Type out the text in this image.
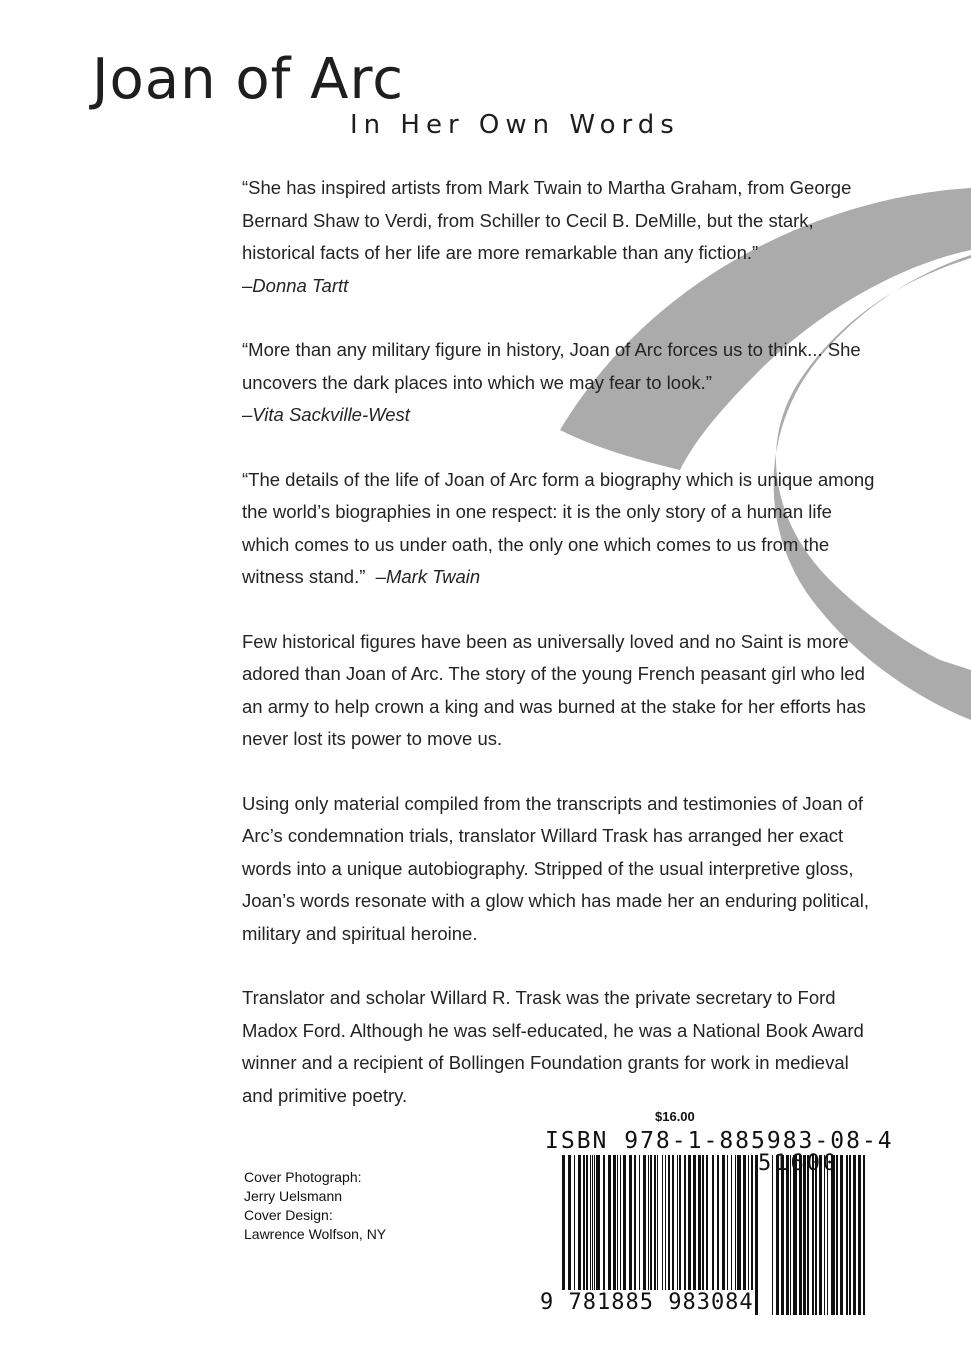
Joan of Arc
In Her Own Words
“She has inspired artists from Mark Twain to Martha Graham, from George Bernard Shaw to Verdi, from Schiller to Cecil B. DeMille, but the stark, historical facts of her life are more remarkable than any fiction.”
–Donna Tartt
“More than any military figure in history, Joan of Arc forces us to think... She uncovers the dark places into which we may fear to look.”
–Vita Sackville-West
“The details of the life of Joan of Arc form a biography which is unique among the world’s biographies in one respect: it is the only story of a human life which comes to us under oath, the only one which comes to us from the witness stand.” –Mark Twain

Few historical figures have been as universally loved and no Saint is more adored than Joan of Arc. The story of the young French peasant girl who led an army to help crown a king and was burned at the stake for her efforts has never lost its power to move us.

Using only material compiled from the transcripts and testimonies of Joan of Arc’s condemnation trials, translator Willard Trask has arranged her exact words into a unique autobiography. Stripped of the usual interpretive gloss, Joan’s words resonate with a glow which has made her an enduring political, military and spiritual heroine.

Translator and scholar Willard R. Trask was the private secretary to Ford Madox Ford. Although he was self-educated, he was a National Book Award winner and a recipient of Bollingen Foundation grants for work in medieval and primitive poetry.

Cover Photograph:
Jerry Uelsmann
Cover Design:
Lawrence Wolfson, NY
$16.00
ISBN 978-1-885983-08-4
51600
9 781885 983084
